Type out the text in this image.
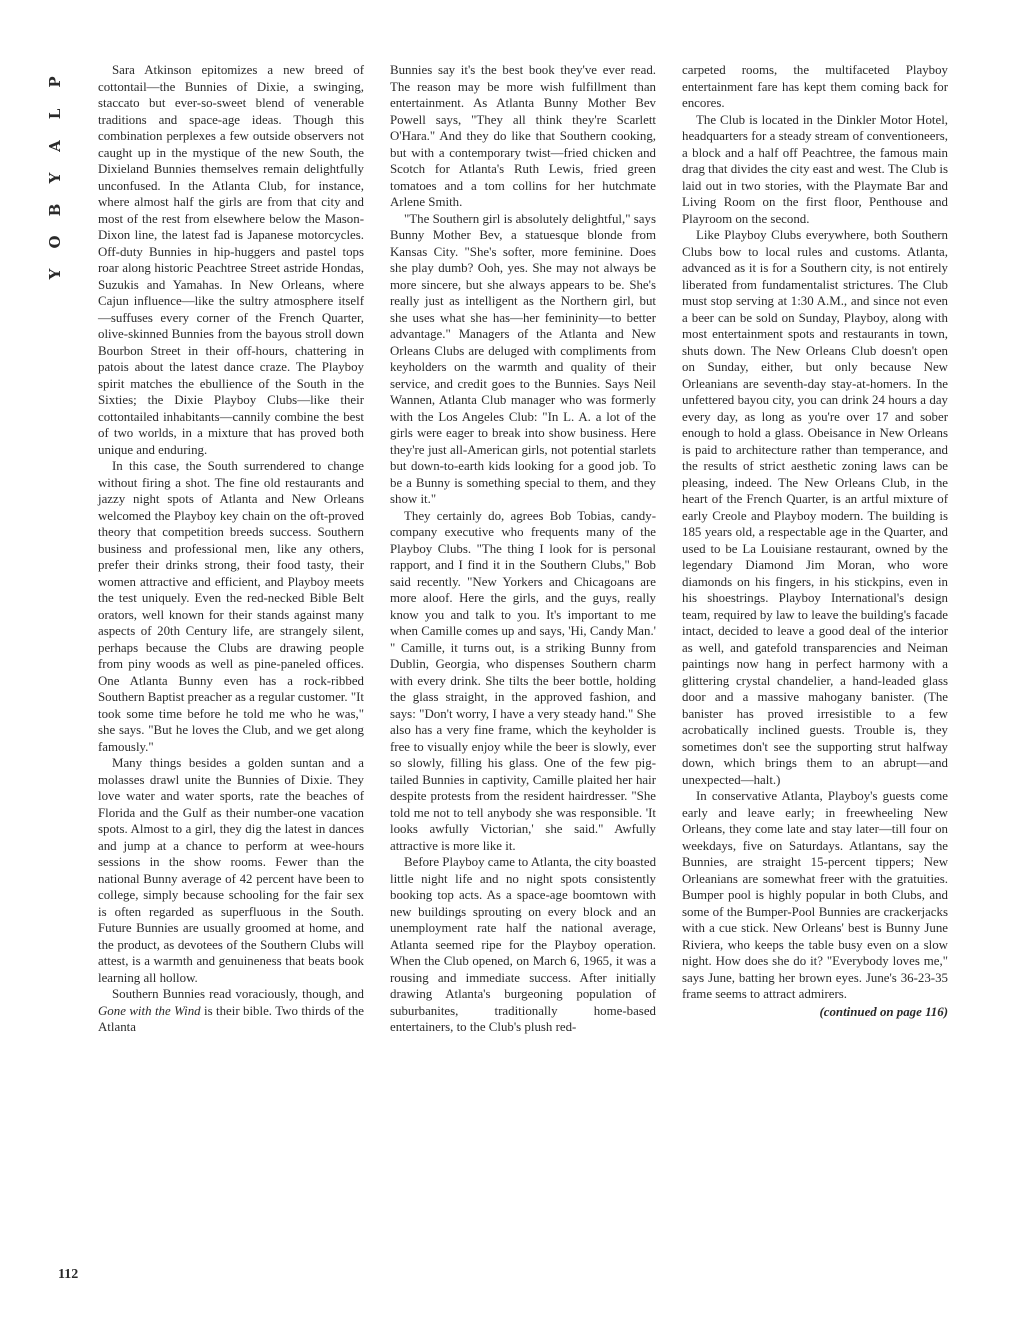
P
L
A
Y
B
O
Y

Sara Atkinson epitomizes a new breed of cottontail—the Bunnies of Dixie, a swinging, staccato but ever-so-sweet blend of venerable traditions and space-age ideas. Though this combination perplexes a few outside observers not caught up in the mystique of the new South, the Dixieland Bunnies themselves remain delightfully unconfused. In the Atlanta Club, for instance, where almost half the girls are from that city and most of the rest from elsewhere below the Mason-Dixon line, the latest fad is Japanese motorcycles. Off-duty Bunnies in hip-huggers and pastel tops roar along historic Peachtree Street astride Hondas, Suzukis and Yamahas. In New Orleans, where Cajun influence—like the sultry atmosphere itself—suffuses every corner of the French Quarter, olive-skinned Bunnies from the bayous stroll down Bourbon Street in their off-hours, chattering in patois about the latest dance craze. The Playboy spirit matches the ebullience of the South in the Sixties; the Dixie Playboy Clubs—like their cottontailed inhabitants—cannily combine the best of two worlds, in a mixture that has proved both unique and enduring.

In this case, the South surrendered to change without firing a shot. The fine old restaurants and jazzy night spots of Atlanta and New Orleans welcomed the Playboy key chain on the oft-proved theory that competition breeds success. Southern business and professional men, like any others, prefer their drinks strong, their food tasty, their women attractive and efficient, and Playboy meets the test uniquely. Even the red-necked Bible Belt orators, well known for their stands against many aspects of 20th Century life, are strangely silent, perhaps because the Clubs are drawing people from piny woods as well as pine-paneled offices. One Atlanta Bunny even has a rock-ribbed Southern Baptist preacher as a regular customer. "It took some time before he told me who he was," she says. "But he loves the Club, and we get along famously."

Many things besides a golden suntan and a molasses drawl unite the Bunnies of Dixie. They love water and water sports, rate the beaches of Florida and the Gulf as their number-one vacation spots. Almost to a girl, they dig the latest in dances and jump at a chance to perform at wee-hours sessions in the show rooms. Fewer than the national Bunny average of 42 percent have been to college, simply because schooling for the fair sex is often regarded as superfluous in the South. Future Bunnies are usually groomed at home, and the product, as devotees of the Southern Clubs will attest, is a warmth and genuineness that beats book learning all hollow.

Southern Bunnies read voraciously, though, and Gone with the Wind is their bible. Two thirds of the Atlanta

Bunnies say it's the best book they've ever read. The reason may be more wish fulfillment than entertainment. As Atlanta Bunny Mother Bev Powell says, "They all think they're Scarlett O'Hara." And they do like that Southern cooking, but with a contemporary twist—fried chicken and Scotch for Atlanta's Ruth Lewis, fried green tomatoes and a tom collins for her hutchmate Arlene Smith.

"The Southern girl is absolutely delightful," says Bunny Mother Bev, a statuesque blonde from Kansas City. "She's softer, more feminine. Does she play dumb? Ooh, yes. She may not always be more sincere, but she always appears to be. She's really just as intelligent as the Northern girl, but she uses what she has—her femininity—to better advantage." Managers of the Atlanta and New Orleans Clubs are deluged with compliments from keyholders on the warmth and quality of their service, and credit goes to the Bunnies. Says Neil Wannen, Atlanta Club manager who was formerly with the Los Angeles Club: "In L. A. a lot of the girls were eager to break into show business. Here they're just all-American girls, not potential starlets but down-to-earth kids looking for a good job. To be a Bunny is something special to them, and they show it."

They certainly do, agrees Bob Tobias, candy-company executive who frequents many of the Playboy Clubs. "The thing I look for is personal rapport, and I find it in the Southern Clubs," Bob said recently. "New Yorkers and Chicagoans are more aloof. Here the girls, and the guys, really know you and talk to you. It's important to me when Camille comes up and says, 'Hi, Candy Man.' " Camille, it turns out, is a striking Bunny from Dublin, Georgia, who dispenses Southern charm with every drink. She tilts the beer bottle, holding the glass straight, in the approved fashion, and says: "Don't worry, I have a very steady hand." She also has a very fine frame, which the keyholder is free to visually enjoy while the beer is slowly, ever so slowly, filling his glass. One of the few pig-tailed Bunnies in captivity, Camille plaited her hair despite protests from the resident hairdresser. "She told me not to tell anybody she was responsible. 'It looks awfully Victorian,' she said." Awfully attractive is more like it.

Before Playboy came to Atlanta, the city boasted little night life and no night spots consistently booking top acts. As a space-age boomtown with new buildings sprouting on every block and an unemployment rate half the national average, Atlanta seemed ripe for the Playboy operation. When the Club opened, on March 6, 1965, it was a rousing and immediate success. After initially drawing Atlanta's burgeoning population of suburbanites, traditionally home-based entertainers, to the Club's plush red-

carpeted rooms, the multifaceted Playboy entertainment fare has kept them coming back for encores.

The Club is located in the Dinkler Motor Hotel, headquarters for a steady stream of conventioneers, a block and a half off Peachtree, the famous main drag that divides the city east and west. The Club is laid out in two stories, with the Playmate Bar and Living Room on the first floor, Penthouse and Playroom on the second.

Like Playboy Clubs everywhere, both Southern Clubs bow to local rules and customs. Atlanta, advanced as it is for a Southern city, is not entirely liberated from fundamentalist strictures. The Club must stop serving at 1:30 A.M., and since not even a beer can be sold on Sunday, Playboy, along with most entertainment spots and restaurants in town, shuts down. The New Orleans Club doesn't open on Sunday, either, but only because New Orleanians are seventh-day stay-at-homers. In the unfettered bayou city, you can drink 24 hours a day every day, as long as you're over 17 and sober enough to hold a glass. Obeisance in New Orleans is paid to architecture rather than temperance, and the results of strict aesthetic zoning laws can be pleasing, indeed. The New Orleans Club, in the heart of the French Quarter, is an artful mixture of early Creole and Playboy modern. The building is 185 years old, a respectable age in the Quarter, and used to be La Louisiane restaurant, owned by the legendary Diamond Jim Moran, who wore diamonds on his fingers, in his stickpins, even in his shoestrings. Playboy International's design team, required by law to leave the building's facade intact, decided to leave a good deal of the interior as well, and gatefold transparencies and Neiman paintings now hang in perfect harmony with a glittering crystal chandelier, a hand-leaded glass door and a massive mahogany banister. (The banister has proved irresistible to a few acrobatically inclined guests. Trouble is, they sometimes don't see the supporting strut halfway down, which brings them to an abrupt—and unexpected—halt.)

In conservative Atlanta, Playboy's guests come early and leave early; in freewheeling New Orleans, they come late and stay later—till four on weekdays, five on Saturdays. Atlantans, say the Bunnies, are straight 15-percent tippers; New Orleanians are somewhat freer with the gratuities. Bumper pool is highly popular in both Clubs, and some of the Bumper-Pool Bunnies are crackerjacks with a cue stick. New Orleans' best is Bunny June Riviera, who keeps the table busy even on a slow night. How does she do it? "Everybody loves me," says June, batting her brown eyes. June's 36-23-35 frame seems to attract admirers.

(continued on page 116)
112
